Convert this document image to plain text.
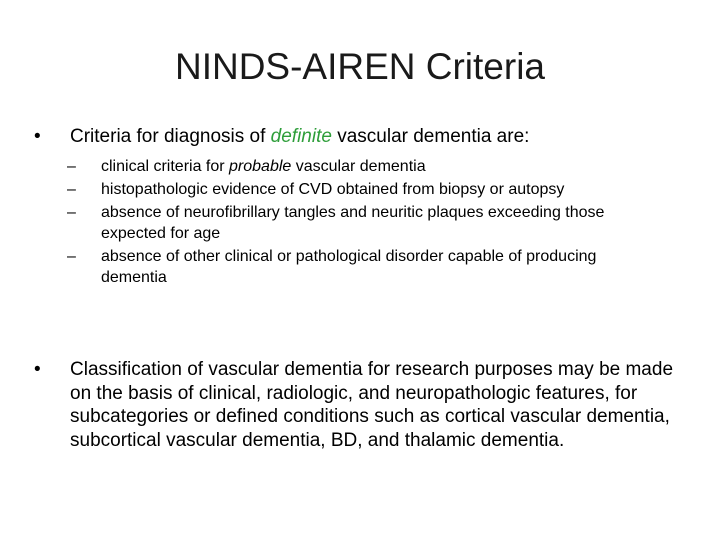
NINDS-AIREN Criteria
• Criteria for diagnosis of definite vascular dementia are:
– clinical criteria for probable vascular dementia
– histopathologic evidence of CVD obtained from biopsy or autopsy
– absence of neurofibrillary tangles and neuritic plaques exceeding those expected for age
– absence of other clinical or pathological disorder capable of producing dementia
• Classification of vascular dementia for research purposes may be made on the basis of clinical, radiologic, and neuropathologic features, for subcategories or defined conditions such as cortical vascular dementia, subcortical vascular dementia, BD, and thalamic dementia.
